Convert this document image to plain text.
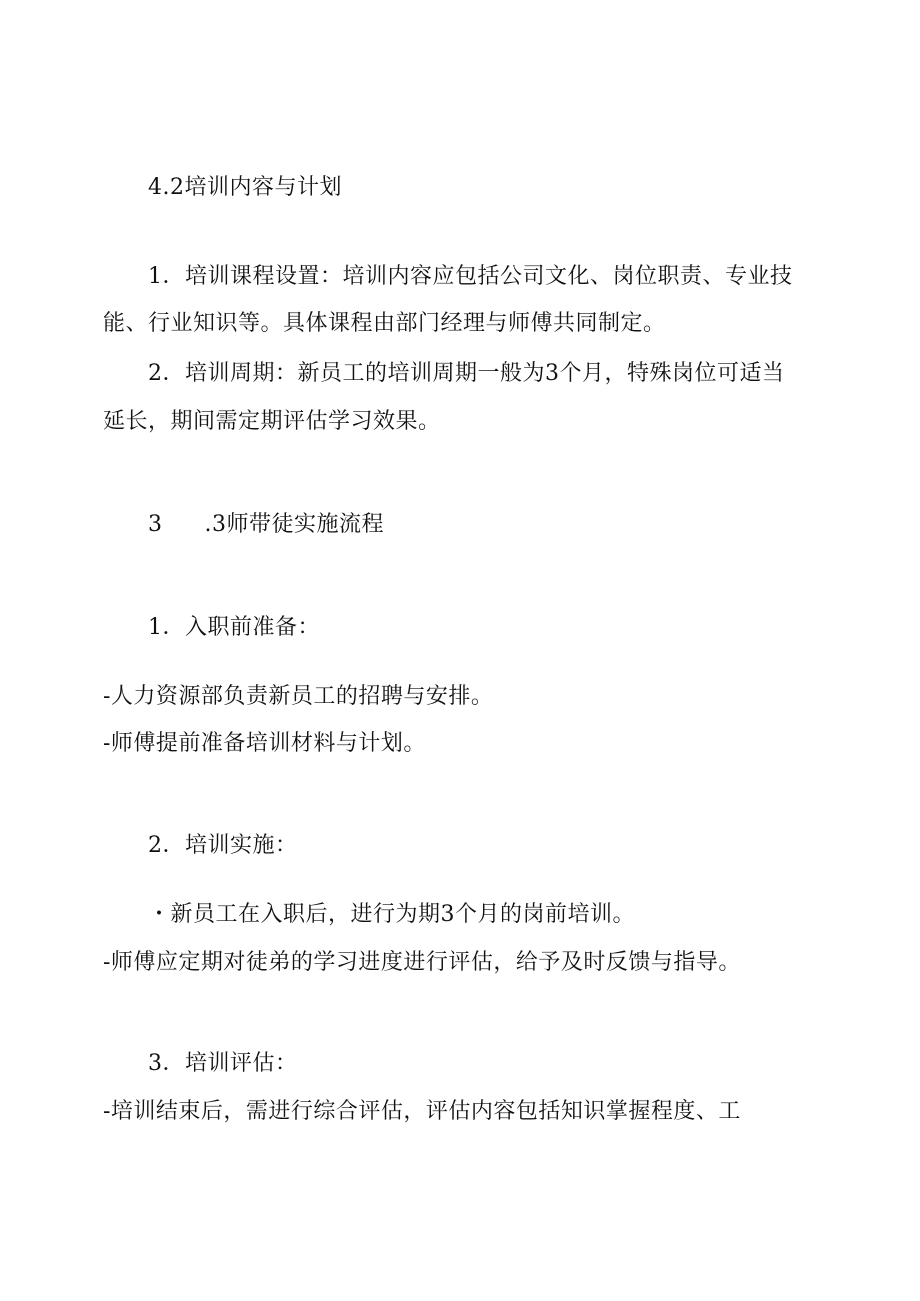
4.2培训内容与计划
1．培训课程设置：培训内容应包括公司文化、岗位职责、专业技
能、行业知识等。具体课程由部门经理与师傅共同制定。
2．培训周期：新员工的培训周期一般为3个月，特殊岗位可适当
延长，期间需定期评估学习效果。
3 .3师带徒实施流程
1．入职前准备：
-人力资源部负责新员工的招聘与安排。
-师傅提前准备培训材料与计划。
2．培训实施：
・新员工在入职后，进行为期3个月的岗前培训。
-师傅应定期对徒弟的学习进度进行评估，给予及时反馈与指导。
3．培训评估：
-培训结束后，需进行综合评估，评估内容包括知识掌握程度、工
